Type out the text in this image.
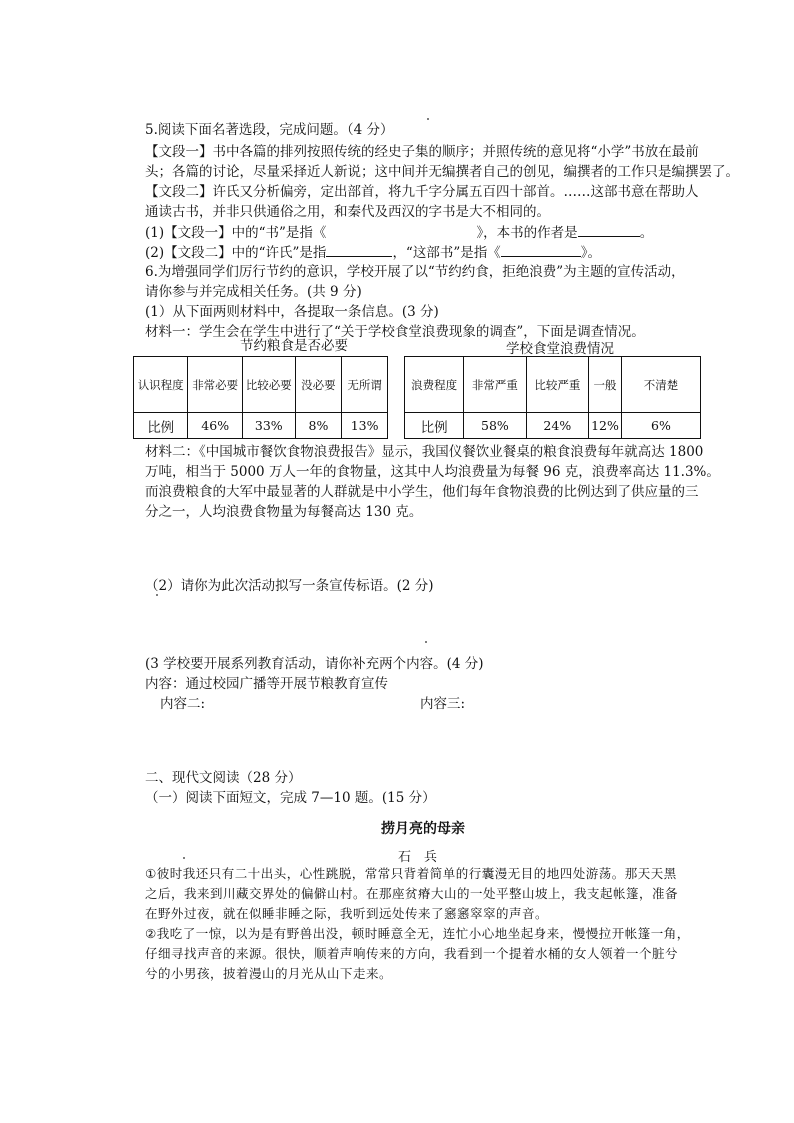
5.阅读下面名著选段，完成问题。（4 分）
【文段一】书中各篇的排列按照传统的经史子集的顺序；并照传统的意见将“小学”书放在最前
头；各篇的讨论，尽量采择近人新说；这中间并无编撰者自己的创见，编撰者的工作只是编撰罢了。
【文段二】许氏又分析偏旁，定出部首，将九千字分属五百四十部首。……这部书意在帮助人
通读古书，并非只供通俗之用，和秦代及西汉的字书是大不相同的。
(1)【文段一】中的“书”是指《	》，本书的作者是	。
(2)【文段二】中的“许氏”是指	，“这部书”是指《	》。
6.为增强同学们厉行节约的意识，学校开展了以“节约约食，拒绝浪费”为主题的宣传活动，
请你参与并完成相关任务。(共 9 分)
(1）从下面两则材料中，各提取一条信息。(3 分)
材料一：学生会在学生中进行了“关于学校食堂浪费现象的调查”，下面是调查情况。
节约粮食是否必要	学校食堂浪费情况
认识程度	非常必要	比较必要	没必要	无所谓
比例	46%	33%	8%	13%
浪费程度	非常严重	比较严重	一般	不清楚
比例	58%	24%	12%	6%
材料二：《中国城市餐饮食物浪费报告》显示，我国仪餐饮业餐桌的粮食浪费每年就高达 1800
万吨，相当于 5000 万人一年的食物量，这其中人均浪费量为每餐 96 克，浪费率高达 11.3%。
而浪费粮食的大军中最显著的人群就是中小学生，他们每年食物浪费的比例达到了供应量的三
分之一，人均浪费食物量为每餐高达 130 克。
（2）请你为此次活动拟写一条宣传标语。(2 分)
(3 学校要开展系列教育活动，请你补充两个内容。(4 分)
内容：通过校园广播等开展节粮教育宣传
内容二:	内容三:
二、现代文阅读（28 分）
（一）阅读下面短文，完成 7—10 题。(15 分）
捞月亮的母亲
石　兵
①彼时我还只有二十出头，心性跳脱，常常只背着简单的行囊漫无目的地四处游荡。那天天黑
之后，我来到川藏交界处的偏僻山村。在那座贫瘠大山的一处平整山坡上，我支起帐篷，准备
在野外过夜，就在似睡非睡之际，我听到远处传来了窸窸窣窣的声音。
②我吃了一惊，以为是有野兽出没，顿时睡意全无，连忙小心地坐起身来，慢慢拉开帐篷一角，
仔细寻找声音的来源。很快，顺着声响传来的方向，我看到一个提着水桶的女人领着一个脏兮
兮的小男孩，披着漫山的月光从山下走来。
